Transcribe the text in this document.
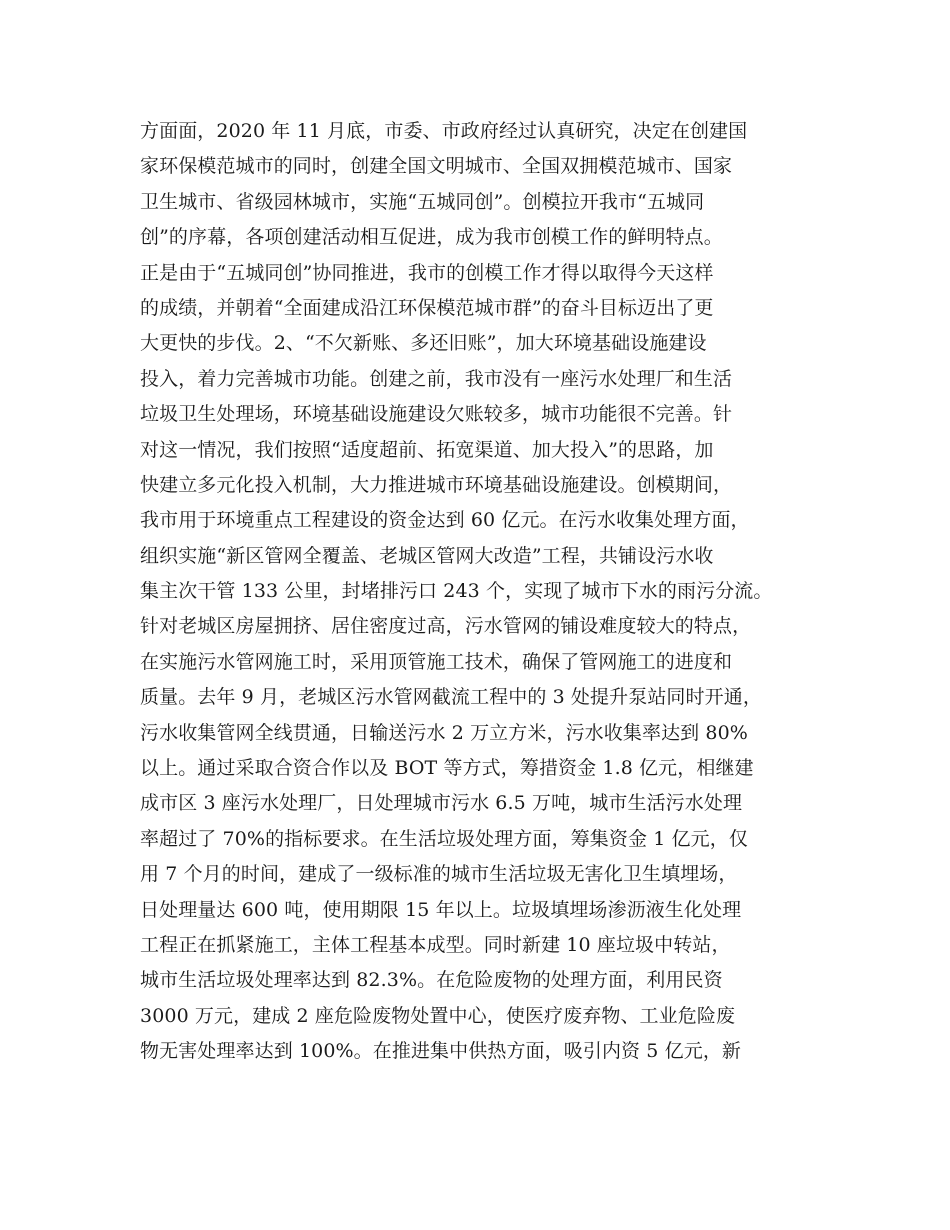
方面面，2020 年 11 月底，市委、市政府经过认真研究，决定在创建国
家环保模范城市的同时，创建全国文明城市、全国双拥模范城市、国家
卫生城市、省级园林城市，实施“五城同创”。创模拉开我市“五城同
创”的序幕，各项创建活动相互促进，成为我市创模工作的鲜明特点。
正是由于“五城同创”协同推进，我市的创模工作才得以取得今天这样
的成绩，并朝着“全面建成沿江环保模范城市群”的奋斗目标迈出了更
大更快的步伐。2、“不欠新账、多还旧账”，加大环境基础设施建设
投入，着力完善城市功能。创建之前，我市没有一座污水处理厂和生活
垃圾卫生处理场，环境基础设施建设欠账较多，城市功能很不完善。针
对这一情况，我们按照“适度超前、拓宽渠道、加大投入”的思路，加
快建立多元化投入机制，大力推进城市环境基础设施建设。创模期间，
我市用于环境重点工程建设的资金达到 60 亿元。在污水收集处理方面，
组织实施“新区管网全覆盖、老城区管网大改造”工程，共铺设污水收
集主次干管 133 公里，封堵排污口 243 个，实现了城市下水的雨污分流。
针对老城区房屋拥挤、居住密度过高，污水管网的铺设难度较大的特点，
在实施污水管网施工时，采用顶管施工技术，确保了管网施工的进度和
质量。去年 9 月，老城区污水管网截流工程中的 3 处提升泵站同时开通，
污水收集管网全线贯通，日输送污水 2 万立方米，污水收集率达到 80%
以上。通过采取合资合作以及 BOT 等方式，筹措资金 1.8 亿元，相继建
成市区 3 座污水处理厂，日处理城市污水 6.5 万吨，城市生活污水处理
率超过了 70%的指标要求。在生活垃圾处理方面，筹集资金 1 亿元，仅
用 7 个月的时间，建成了一级标准的城市生活垃圾无害化卫生填埋场，
日处理量达 600 吨，使用期限 15 年以上。垃圾填埋场渗沥液生化处理
工程正在抓紧施工，主体工程基本成型。同时新建 10 座垃圾中转站，
城市生活垃圾处理率达到 82.3%。在危险废物的处理方面，利用民资
3000 万元，建成 2 座危险废物处置中心，使医疗废弃物、工业危险废
物无害处理率达到 100%。在推进集中供热方面，吸引内资 5 亿元，新
